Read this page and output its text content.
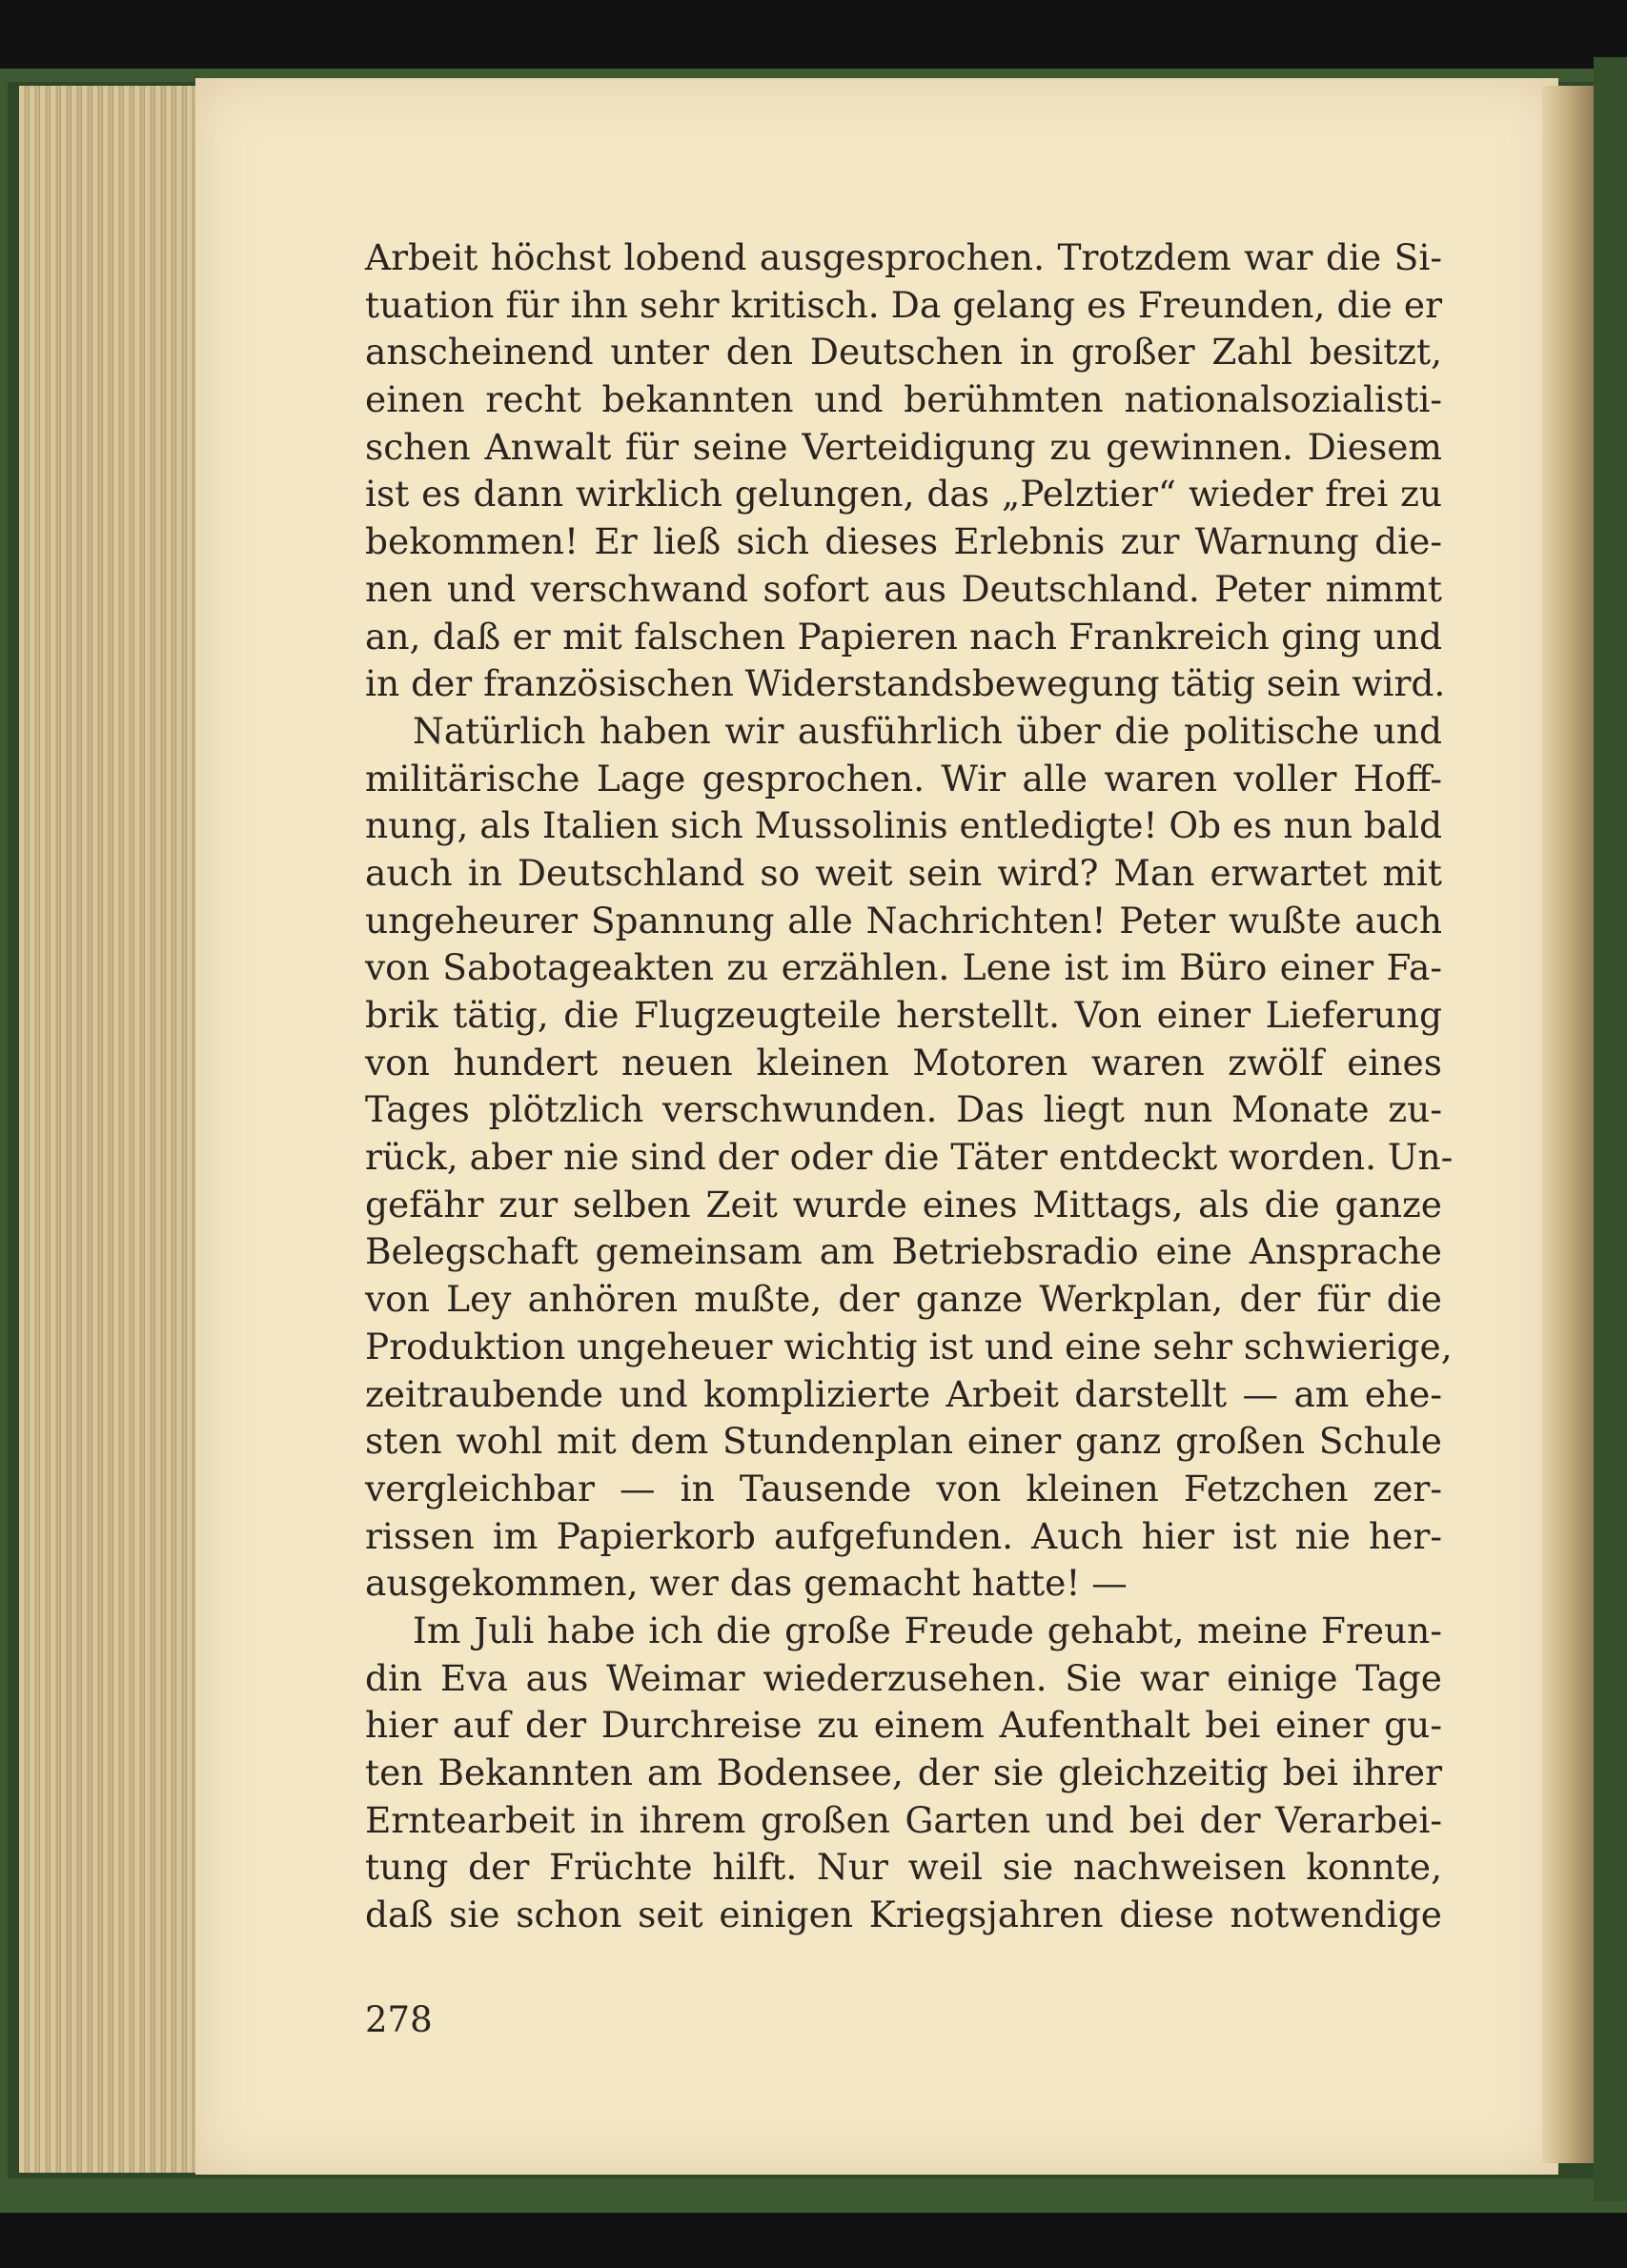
Arbeit höchst lobend ausgesprochen. Trotzdem war die Si-
tuation für ihn sehr kritisch. Da gelang es Freunden, die er
anscheinend unter den Deutschen in großer Zahl besitzt,
einen recht bekannten und berühmten nationalsozialisti-
schen Anwalt für seine Verteidigung zu gewinnen. Diesem
ist es dann wirklich gelungen, das „Pelztier“ wieder frei zu
bekommen! Er ließ sich dieses Erlebnis zur Warnung die-
nen und verschwand sofort aus Deutschland. Peter nimmt
an, daß er mit falschen Papieren nach Frankreich ging und
in der französischen Widerstandsbewegung tätig sein wird.
Natürlich haben wir ausführlich über die politische und
militärische Lage gesprochen. Wir alle waren voller Hoff-
nung, als Italien sich Mussolinis entledigte! Ob es nun bald
auch in Deutschland so weit sein wird? Man erwartet mit
ungeheurer Spannung alle Nachrichten! Peter wußte auch
von Sabotageakten zu erzählen. Lene ist im Büro einer Fa-
brik tätig, die Flugzeugteile herstellt. Von einer Lieferung
von hundert neuen kleinen Motoren waren zwölf eines
Tages plötzlich verschwunden. Das liegt nun Monate zu-
rück, aber nie sind der oder die Täter entdeckt worden. Un-
gefähr zur selben Zeit wurde eines Mittags, als die ganze
Belegschaft gemeinsam am Betriebsradio eine Ansprache
von Ley anhören mußte, der ganze Werkplan, der für die
Produktion ungeheuer wichtig ist und eine sehr schwierige,
zeitraubende und komplizierte Arbeit darstellt — am ehe-
sten wohl mit dem Stundenplan einer ganz großen Schule
vergleichbar — in Tausende von kleinen Fetzchen zer-
rissen im Papierkorb aufgefunden. Auch hier ist nie her-
ausgekommen, wer das gemacht hatte! —
Im Juli habe ich die große Freude gehabt, meine Freun-
din Eva aus Weimar wiederzusehen. Sie war einige Tage
hier auf der Durchreise zu einem Aufenthalt bei einer gu-
ten Bekannten am Bodensee, der sie gleichzeitig bei ihrer
Erntearbeit in ihrem großen Garten und bei der Verarbei-
tung der Früchte hilft. Nur weil sie nachweisen konnte,
daß sie schon seit einigen Kriegsjahren diese notwendige
278
